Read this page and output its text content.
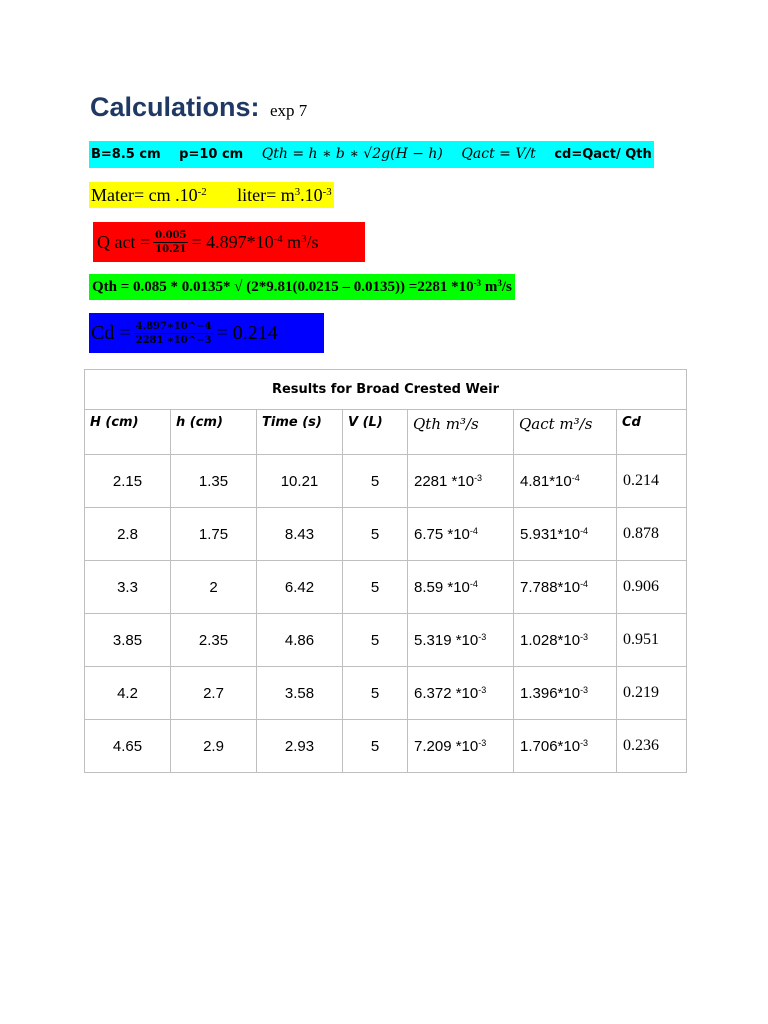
Calculations: exp 7
B=8.5 cm p=10 cm Qth = h ∗ b ∗ √2g(H − h) Qact = V/t cd=Qact/ Qth
Mater= cm $.10^{-2}$ liter= $m^3.10^{-3}$
Q act = $\frac{0.005}{10.21} = 4.897*10^{-4}$ $m^3/s$
Qth = 0.085 * 0.0135* √ (2*9.81(0.0215 – 0.0135)) =2281 $*10^{-3}$ $m^3/s$
$Cd = \frac{4.897∗10\^{}-4}{2281 ∗10\^{}-3} = 0.214$
Results for Broad Crested Weir						
H (cm)	h (cm)	Time (s)	V (L)	Qth m³/s	Qact m³/s	Cd
2.15	1.35	10.21	5	2281 $*10^{-3}$	$4.81*10^{-4}$	0.214
2.8	1.75	8.43	5	6.75 $*10^{-4}$	$5.931*10^{-4}$	0.878
3.3	2	6.42	5	8.59 $*10^{-4}$	$7.788*10^{-4}$	0.906
3.85	2.35	4.86	5	5.319 $*10^{-3}$	$1.028*10^{-3}$	0.951
4.2	2.7	3.58	5	6.372 $*10^{-3}$	$1.396*10^{-3}$	0.219
4.65	2.9	2.93	5	7.209 $*10^{-3}$	$1.706*10^{-3}$	0.236
